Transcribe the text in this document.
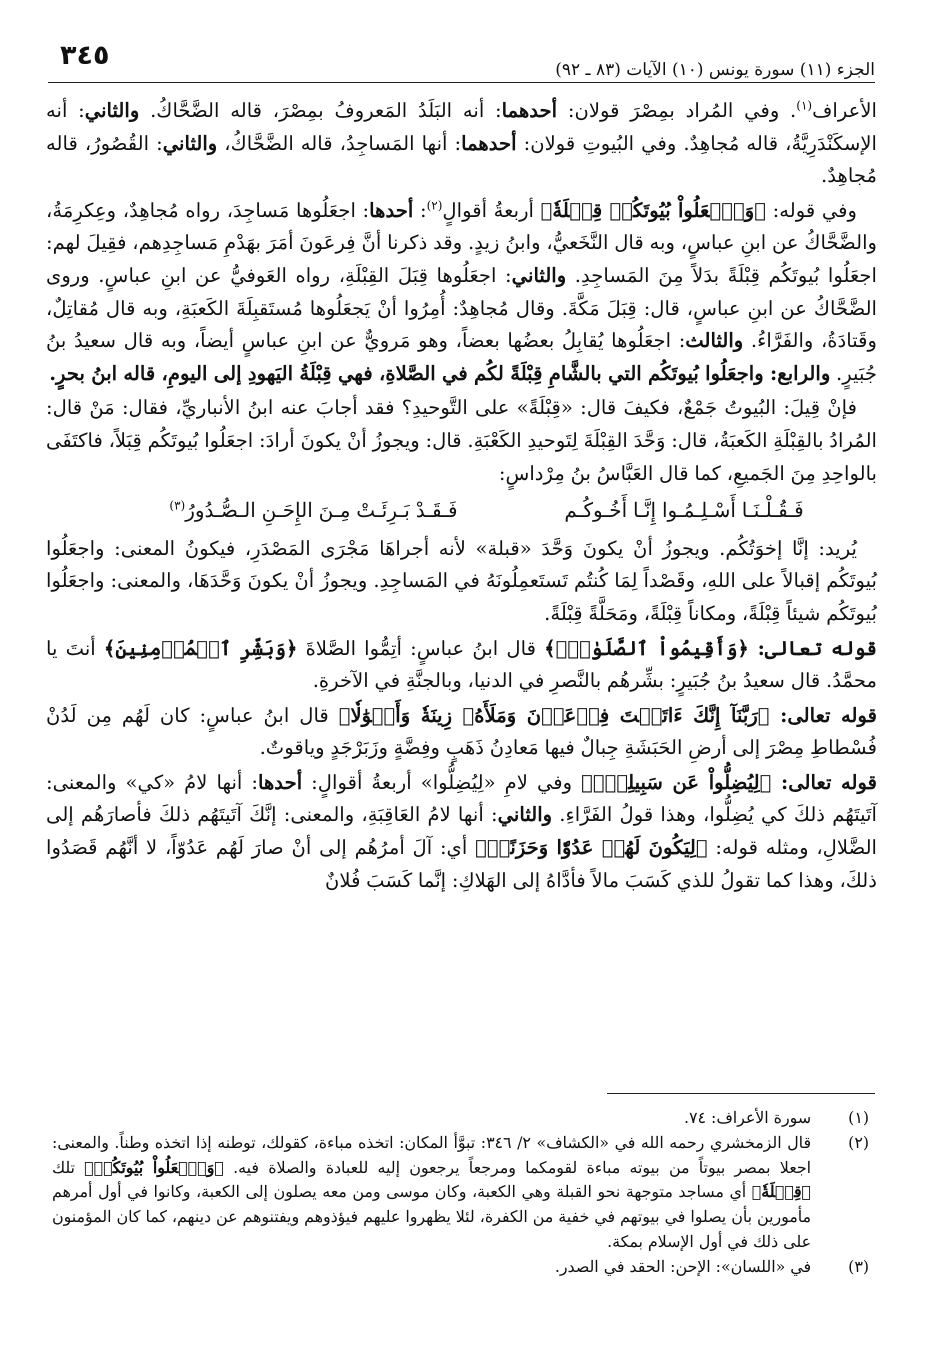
٣٤٥	الجزء (١١) سورة يونس (١٠) الآيات (٨٣ ـ ٩٢)

الأعراف$^{(١)}$. وفي المُراد بمِصْرَ قولان: أحدهما: أنه البَلَدُ المَعروفُ بمِصْرَ، قاله الضَّحَّاكُ. والثاني: أنه الإسكَنْدَرِيَّةُ، قاله مُجاهِدٌ. وفي البُيوتِ قولان: أحدهما: أنها المَساجِدُ، قاله الضَّحَّاكُ، والثاني: القُصُورُ، قاله مُجاهِدٌ.

وفي قوله: ﴿وَٱجۡعَلُواْ بُيُوتَكُمۡ قِبۡلَةٗ﴾ أربعةُ أقوالٍ$^{(٢)}$: أحدها: اجعَلُوها مَساجِدَ، رواه مُجاهِدٌ، وعِكرِمَةُ، والضَّحَّاكُ عن ابنِ عباسٍ، وبه قال النَّخَعيُّ، وابنُ زيدٍ. وقد ذكرنا أنَّ فِرعَونَ أمَرَ بهَدْمِ مَساجِدِهم، فقِيلَ لهم: اجعَلُوا بُيوتَكُم قِبْلَةً بدَلاً مِنَ المَساجِدِ. والثاني: اجعَلُوها قِبَلَ القِبْلَةِ، رواه العَوفيُّ عن ابنِ عباسٍ. وروى الضَّحَّاكُ عن ابنِ عباسٍ، قال: قِبَلَ مَكَّةَ. وقال مُجاهِدٌ: أُمِرُوا أنْ يَجعَلُوها مُستَقبِلَةَ الكَعبَةِ، وبه قال مُقاتِلٌ، وقَتادَةُ، والفَرَّاءُ. والثالث: اجعَلُوها يُقابِلُ بعضُها بعضاً، وهو مَرويٌّ عن ابنِ عباسٍ أيضاً، وبه قال سعيدُ بنُ جُبَيرٍ. والرابع: واجعَلُوا بُيوتَكُم التي بالشَّامِ قِبْلَةً لكُم في الصَّلاةِ، فهي قِبْلَةُ اليَهودِ إلى اليومِ، قاله ابنُ بحرٍ.

فإنْ قِيلَ: البُيوتُ جَمْعٌ، فكيفَ قال: «قِبْلَةً» على التَّوحيدِ؟ فقد أجابَ عنه ابنُ الأنباريِّ، فقال: مَنْ قال: المُرادُ بالقِبْلَةِ الكَعبَةُ، قال: وَحَّدَ القِبْلَةَ لِتَوحيدِ الكَعْبَةِ. قال: ويجوزُ أنْ يكونَ أرادَ: اجعَلُوا بُيوتَكُم قِبَلاً، فاكتَفَى بالواحِدِ مِنَ الجَميعِ، كما قال العَبَّاسُ بنُ مِرْداسٍ:

فَـقُـلْـنَـا أَسْـلِـمُـوا إِنَّـا أَخُـوكُـم
فَـقَـدْ بَـرِئَـتْ مِـنَ الإِحَـنِ الـصُّـدُورُ$^{(٣)}$

يُريد: إنَّا إخوَتُكُم. ويجوزُ أنْ يكونَ وَحَّدَ «قبلة» لأنه أجراهَا مَجْرَى المَصْدَرِ، فيكونُ المعنى: واجعَلُوا بُيوتَكُم إقبالاً على اللهِ، وقَصْداً لِمَا كُنتُم تَستَعمِلُونَهُ في المَساجِدِ. ويجوزُ أنْ يكونَ وَحَّدَهَا، والمعنى: واجعَلُوا بُيوتَكُم شيئاً قِبْلَةً، ومكاناً قِبْلَةً، ومَحَلَّةً قِبْلَةً.

قوله تعالى: ﴿وَأَقِيمُواْ ٱلصَّلَوٰةَۗ﴾ قال ابنُ عباسٍ: أتِمُّوا الصَّلاةَ ﴿وَبَشِّرِ ٱلۡمُؤۡمِنِينَ﴾ أنتَ يا محمَّدُ. قال سعيدُ بنُ جُبَيرٍ: بشِّرهُم بالنَّصرِ في الدنيا، وبالجنَّةِ في الآخرةِ.

قوله تعالى: ﴿رَبَّنَآ إِنَّكَ ءَاتَيۡتَ فِرۡعَوۡنَ وَمَلَأَهُۥ زِينَةٗ وَأَمۡوَٰلٗا﴾ قال ابنُ عباسٍ: كان لَهُم مِن لَدُنْ فُسْطاطِ مِصْرَ إلى أرضِ الحَبَشَةِ جِبالٌ فيها مَعادِنُ ذَهَبٍ وفِضَّةٍ وزَبَرْجَدٍ وياقوتٌ.

قوله تعالى: ﴿لِيُضِلُّواْ عَن سَبِيلِكَۖ﴾ وفي لامِ «لِيُضِلُّوا» أربعةُ أقوالٍ: أحدها: أنها لامُ «كي» والمعنى: آتَيتَهُم ذلكَ كي يُضِلُّوا، وهذا قولُ الفَرَّاءِ. والثاني: أنها لامُ العَاقِبَةِ، والمعنى: إنَّكَ آتَيتَهُم ذلكَ فأصارَهُم إلى الضَّلالِ، ومثله قوله: ﴿لِيَكُونَ لَهُمۡ عَدُوّٗا وَحَزَنًاۗ﴾ أي: آلَ أمرُهُم إلى أنْ صارَ لَهُم عَدُوّاً، لا أنَّهُم قَصَدُوا ذلكَ، وهذا كما تقولُ للذي كَسَبَ مالاً فأدَّاهُ إلى الهَلاكِ: إنَّما كَسَبَ فُلانٌ

(١)
سورة الأعراف: ٧٤.
(٢)
قال الزمخشري رحمه الله في «الكشاف» ٢/ ٣٤٦: تبوَّأ المكان: اتخذه مباءة، كقولك، توطنه إذا اتخذه وطناً. والمعنى: اجعلا بمصر بيوتاً من بيوته مباءة لقومكما ومرجعاً يرجعون إليه للعبادة والصلاة فيه. ﴿وَٱجۡعَلُواْ بُيُوتَكُمۡ﴾ تلك ﴿قِبۡلَةٗ﴾ أي مساجد متوجهة نحو القبلة وهي الكعبة، وكان موسى ومن معه يصلون إلى الكعبة، وكانوا في أول أمرهم مأمورين بأن يصلوا في بيوتهم في خفية من الكفرة، لئلا يظهروا عليهم فيؤذوهم ويفتنوهم عن دينهم، كما كان المؤمنون على ذلك في أول الإسلام بمكة.
(٣)
في «اللسان»: الإحن: الحقد في الصدر.
